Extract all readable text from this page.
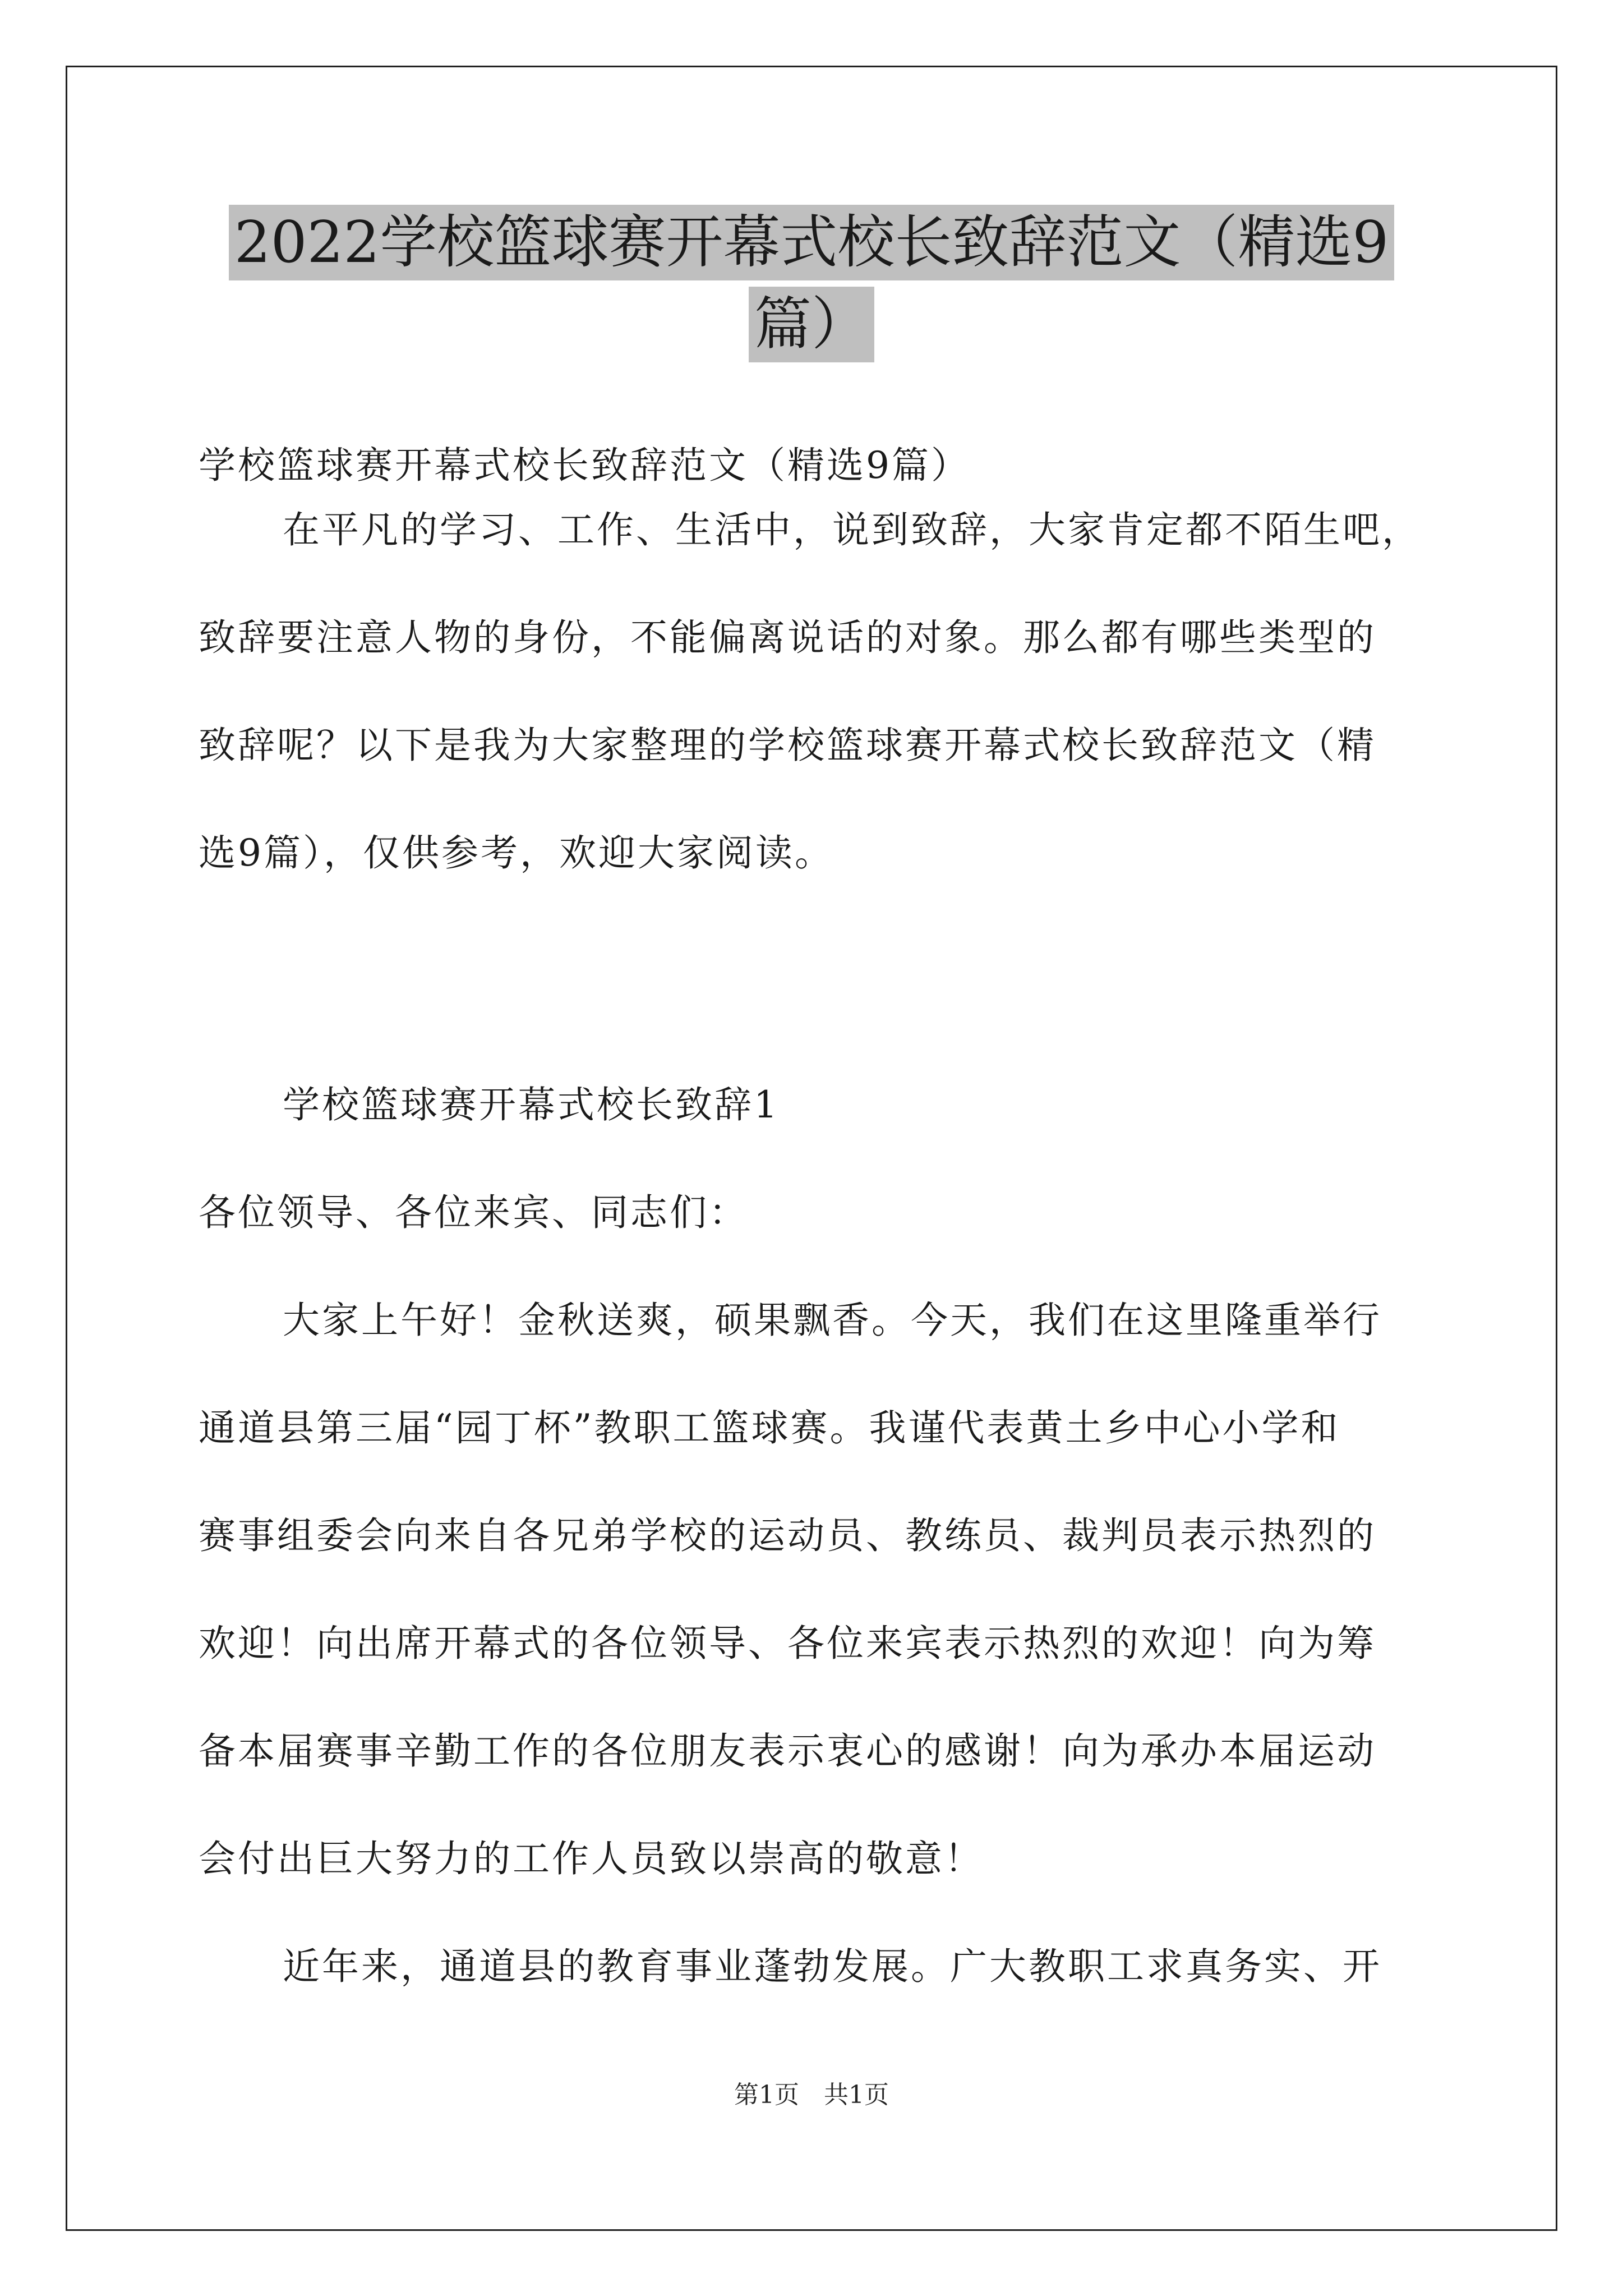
2022学校篮球赛开幕式校长致辞范文（精选9
篇）
学校篮球赛开幕式校长致辞范文（精选9篇）
在平凡的学习、工作、生活中，说到致辞，大家肯定都不陌生吧，
致辞要注意人物的身份，不能偏离说话的对象。那么都有哪些类型的
致辞呢？以下是我为大家整理的学校篮球赛开幕式校长致辞范文（精
选9篇），仅供参考，欢迎大家阅读。
学校篮球赛开幕式校长致辞1
各位领导、各位来宾、同志们：
大家上午好！金秋送爽，硕果飘香。今天，我们在这里隆重举行
通道县第三届“园丁杯”教职工篮球赛。我谨代表黄土乡中心小学和
赛事组委会向来自各兄弟学校的运动员、教练员、裁判员表示热烈的
欢迎！向出席开幕式的各位领导、各位来宾表示热烈的欢迎！向为筹
备本届赛事辛勤工作的各位朋友表示衷心的感谢！向为承办本届运动
会付出巨大努力的工作人员致以崇高的敬意！
近年来，通道县的教育事业蓬勃发展。广大教职工求真务实、开
第1页　共1页
